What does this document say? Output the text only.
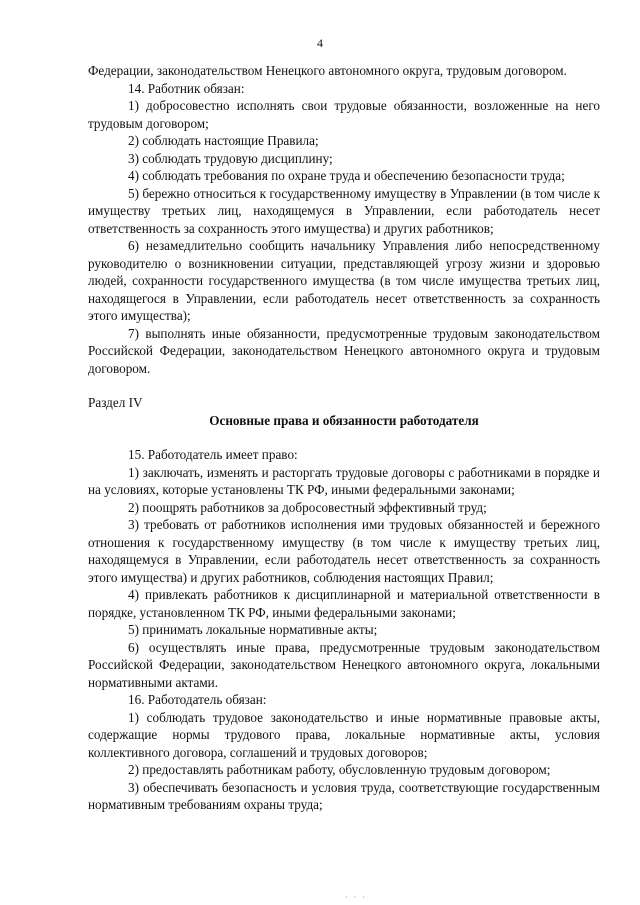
4

Федерации, законодательством Ненецкого автономного округа, трудовым договором.

14. Работник обязан:

1) добросовестно исполнять свои трудовые обязанности, возложенные на него трудовым договором;

2) соблюдать настоящие Правила;

3) соблюдать трудовую дисциплину;

4) соблюдать требования по охране труда и обеспечению безопасности труда;

5) бережно относиться к государственному имуществу в Управлении (в том числе к имуществу третьих лиц, находящемуся в Управлении, если работодатель несет ответственность за сохранность этого имущества) и других работников;

6) незамедлительно сообщить начальнику Управления либо непосредственному руководителю о возникновении ситуации, представляющей угрозу жизни и здоровью людей, сохранности государственного имущества (в том числе имущества третьих лиц, находящегося в Управлении, если работодатель несет ответственность за сохранность этого имущества);

7) выполнять иные обязанности, предусмотренные трудовым законодательством Российской Федерации, законодательством Ненецкого автономного округа и трудовым договором.

Раздел IV

Основные права и обязанности работодателя

15. Работодатель имеет право:

1) заключать, изменять и расторгать трудовые договоры с работниками в порядке и на условиях, которые установлены ТК РФ, иными федеральными законами;

2) поощрять работников за добросовестный эффективный труд;

3) требовать от работников исполнения ими трудовых обязанностей и бережного отношения к государственному имуществу (в том числе к имуществу третьих лиц, находящемуся в Управлении, если работодатель несет ответственность за сохранность этого имущества) и других работников, соблюдения настоящих Правил;

4) привлекать работников к дисциплинарной и материальной ответственности в порядке, установленном ТК РФ, иными федеральными законами;

5) принимать локальные нормативные акты;

6) осуществлять иные права, предусмотренные трудовым законодательством Российской Федерации, законодательством Ненецкого автономного округа, локальными нормативными актами.

16. Работодатель обязан:

1) соблюдать трудовое законодательство и иные нормативные правовые акты, содержащие нормы трудового права, локальные нормативные акты, условия коллективного договора, соглашений и трудовых договоров;

2) предоставлять работникам работу, обусловленную трудовым договором;

3) обеспечивать безопасность и условия труда, соответствующие государственным нормативным требованиям охраны труда;

· · ·
